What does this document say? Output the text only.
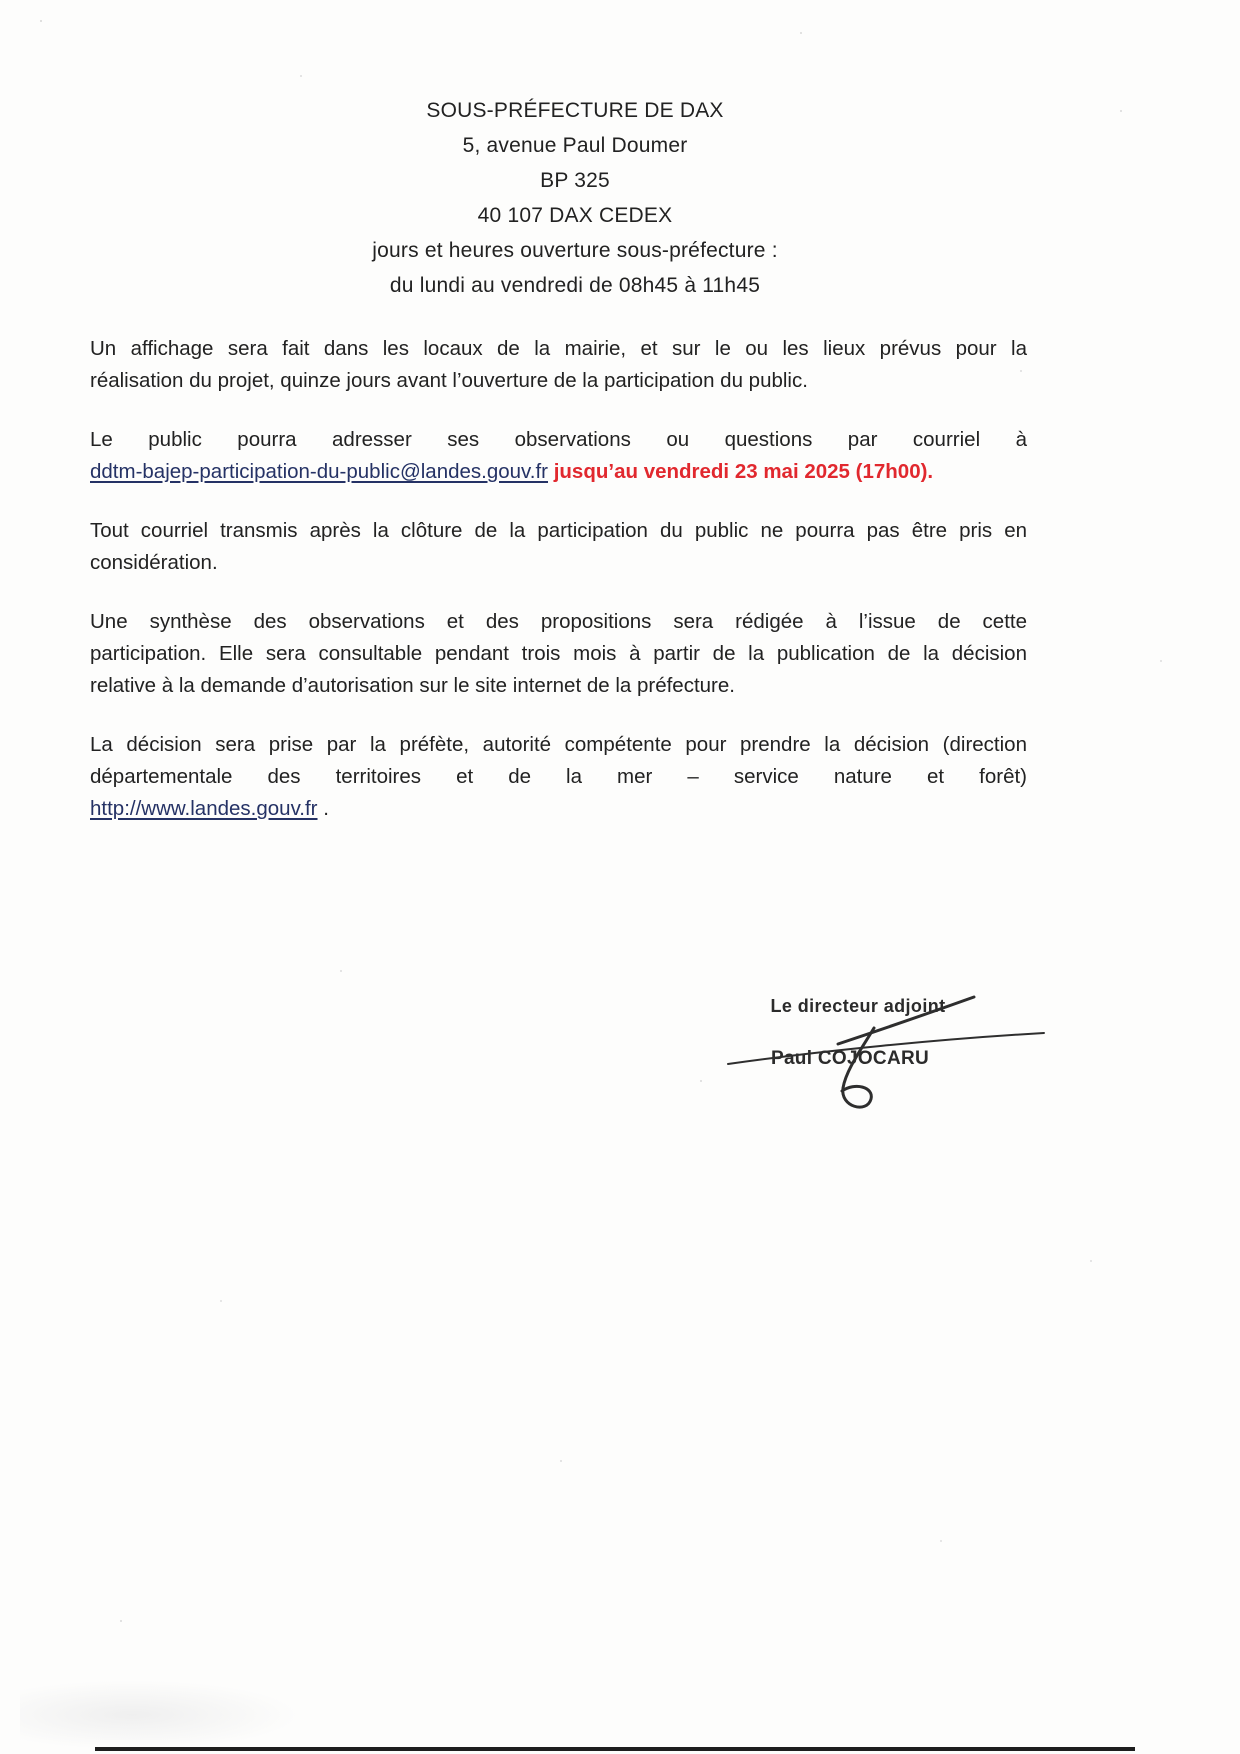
SOUS-PRÉFECTURE DE DAX
5, avenue Paul Doumer
BP 325
40 107 DAX CEDEX
jours et heures ouverture sous-préfecture :
du lundi au vendredi de 08h45 à 11h45

Un affichage sera fait dans les locaux de la mairie, et sur le ou les lieux prévus pour la
réalisation du projet, quinze jours avant l’ouverture de la participation du public.

Le public pourra adresser ses observations ou questions par courriel à
ddtm-bajep-participation-du-public@landes.gouv.fr jusqu’au vendredi 23 mai 2025 (17h00).

Tout courriel transmis après la clôture de la participation du public ne pourra pas être pris en
considération.

Une synthèse des observations et des propositions sera rédigée à l’issue de cette
participation. Elle sera consultable pendant trois mois à partir de la publication de la décision
relative à la demande d’autorisation sur le site internet de la préfecture.

La décision sera prise par la préfète, autorité compétente pour prendre la décision (direction
départementale des territoires et de la mer – service nature et forêt)
http://www.landes.gouv.fr .

Le directeur adjoint
Paul COJOCARU
